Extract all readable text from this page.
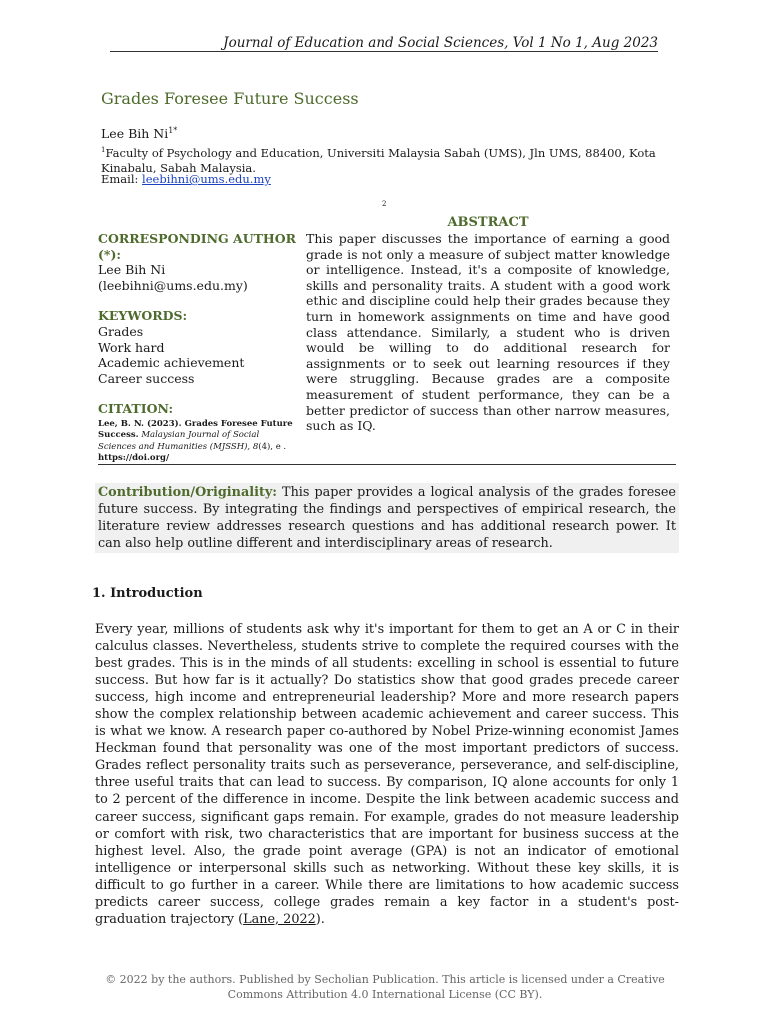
Journal of Education and Social Sciences, Vol 1 No 1, Aug 2023
Grades Foresee Future Success
Lee Bih $Ni^{1*}$
$^1$Faculty of Psychology and Education, Universiti Malaysia Sabah (UMS), Jln UMS, 88400, Kota Kinabalu, Sabah Malaysia.
Email: leebihni@ums.edu.my
2

CORRESPONDING AUTHOR (*):

Lee Bih Ni

(leebihni@ums.edu.my)

KEYWORDS:

Grades

Work hard

Academic achievement

Career success

CITATION:

Lee, B. N. (2023). Grades Foresee Future Success. Malaysian Journal of Social Sciences and Humanities (MJSSH), 8(4), e .
https://doi.org/
ABSTRACT
This paper discusses the importance of earning a good grade is not only a measure of subject matter knowledge or intelligence. Instead, it's a composite of knowledge, skills and personality traits. A student with a good work ethic and discipline could help their grades because they turn in homework assignments on time and have good class attendance. Similarly, a student who is driven would be willing to do additional research for assignments or to seek out learning resources if they were struggling. Because grades are a composite measurement of student performance, they can be a better predictor of success than other narrow measures, such as IQ.
Contribution/Originality: This paper provides a logical analysis of the grades foresee future success. By integrating the findings and perspectives of empirical research, the literature review addresses research questions and has additional research power. It can also help outline different and interdisciplinary areas of research.
1. Introduction
Every year, millions of students ask why it's important for them to get an A or C in their calculus classes. Nevertheless, students strive to complete the required courses with the best grades. This is in the minds of all students: excelling in school is essential to future success. But how far is it actually? Do statistics show that good grades precede career success, high income and entrepreneurial leadership? More and more research papers show the complex relationship between academic achievement and career success. This is what we know. A research paper co-authored by Nobel Prize-winning economist James Heckman found that personality was one of the most important predictors of success. Grades reflect personality traits such as perseverance, perseverance, and self-discipline, three useful traits that can lead to success. By comparison, IQ alone accounts for only 1 to 2 percent of the difference in income. Despite the link between academic success and career success, significant gaps remain. For example, grades do not measure leadership or comfort with risk, two characteristics that are important for business success at the highest level. Also, the grade point average (GPA) is not an indicator of emotional intelligence or interpersonal skills such as networking. Without these key skills, it is difficult to go further in a career. While there are limitations to how academic success predicts career success, college grades remain a key factor in a student's post-graduation trajectory (Lane, 2022).
© 2022 by the authors. Published by Secholian Publication. This article is licensed under a Creative Commons Attribution 4.0 International License (CC BY).
